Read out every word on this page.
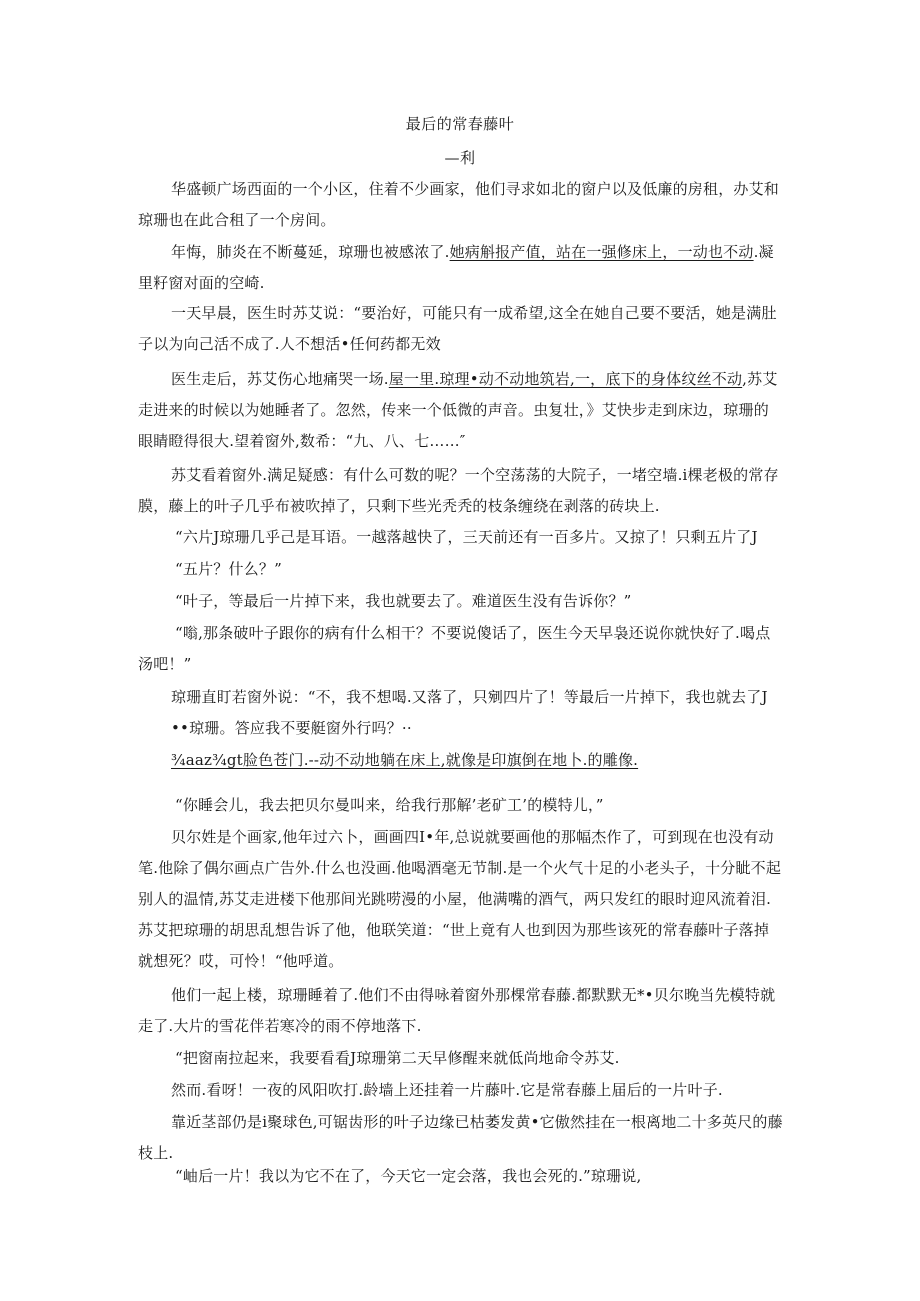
最后的常春藤叶
—利

华盛顿广场西面的一个小区，住着不少画家，他们寻求如北的窗户以及低廉的房租，办艾和琼珊也在此合租了一个房间。

年悔，肺炎在不断蔓延，琼珊也被感浓了.她病斛报产值，站在一强修床上，一动也不动.凝里籽窗对面的空崎.

一天早晨，医生时苏艾说：“要治好，可能只有一成希望,这全在她自己要不要活，她是满肚子以为向己活不成了.人不想活•任何药都无效

医生走后，苏艾伤心地痛哭一场.屋一里.琼理•动不动地筑岩,一，底下的身体纹丝不动,苏艾走进来的时候以为她睡者了。忽然，传来一个低微的声音。虫复壮，》艾快步走到床边，琼珊的眼睛瞪得很大.望着窗外,数希：“九、八、七……″

苏艾看着窗外.满足疑感：有什么可数的呢？一个空荡荡的大院子，一堵空墙.i棵老极的常存膜，藤上的叶子几乎布被吹掉了，只剩下些光秃秃的枝条缠绕在剥落的砖块上.

“六片J琼珊几乎己是耳语。一越落越快了，三天前还有一百多片。又掠了！只剩五片了J

“五片？什么？”

“叶子，等最后一片掉下来，我也就要去了。难道医生没有告诉你？”

“嗡,那条破叶子跟你的病有什么相干？不要说傻话了，医生今天早袅还说你就快好了.喝点汤吧！”

琼珊直盯若窗外说：“不，我不想喝.又落了，只剜四片了！等最后一片掉下，我也就去了J

••琼珊。答应我不要艇窗外行吗？··

¾aaz¾gt脸色苍门.--动不动地躺在床上,就像是印旗倒在地卜.的雕像.

“你睡会儿，我去把贝尔曼叫来，给我行那解’老矿工’的模特儿，”

贝尔姓是个画家,他年过六卜，画画四I•年,总说就要画他的那幅杰作了，可到现在也没有动笔.他除了偶尔画点广告外.什么也没画.他喝酒毫无节制.是一个火气十足的小老头子，十分眦不起别人的温情,苏艾走进楼下他那间光跳唠漫的小屋，他满嘴的酒气，两只发红的眼时迎风流着泪.苏艾把琼珊的胡思乱想告诉了他，他联笑道：“世上竟有人也到因为那些该死的常春藤叶子落掉就想死？哎，可怜！“他呼道。

他们一起上楼，琼珊睡着了.他们不由得咏着窗外那棵常春藤.都默默无*•贝尔晚当先模特就走了.大片的雪花伴若寒冷的雨不停地落下.

“把窗南拉起来，我要看看J琼珊第二天早修醒来就低尚地命令苏艾.

然而.看呀！一夜的风阳吹打.龄墙上还挂着一片藤叶.它是常春藤上届后的一片叶子.

靠近茎部仍是i聚球色,可锯齿形的叶子边缘已枯萎发黄•它傲然挂在一根离地二十多英尺的藤枝上.

“岫后一片！我以为它不在了，今天它一定会落，我也会死的.”琼珊说,
